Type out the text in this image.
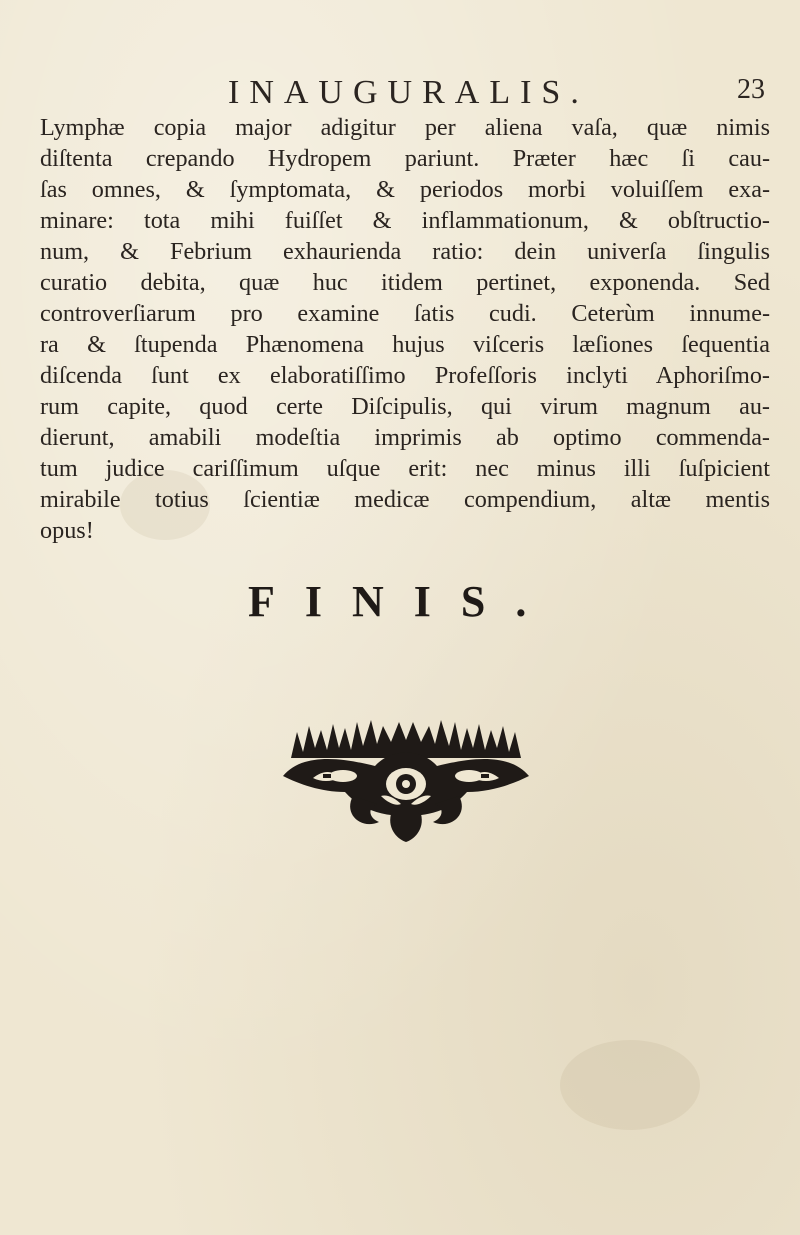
INAUGURALIS.	23
Lymphæ copia major adigitur per aliena vaſa, quæ nimis
diſtenta crepando Hydropem pariunt. Præter hæc ſi cau-
ſas omnes, & ſymptomata, & periodos morbi voluiſſem exa-
minare: tota mihi fuiſſet & inflammationum, & obſtructio-
num, & Febrium exhaurienda ratio: dein univerſa ſingulis
curatio debita, quæ huc itidem pertinet, exponenda. Sed
controverſiarum pro examine ſatis cudi. Ceterùm innume-
ra & ſtupenda Phænomena hujus viſceris læſiones ſequentia
diſcenda ſunt ex elaboratiſſimo Profeſſoris inclyti Aphoriſmo-
rum capite, quod certe Diſcipulis, qui virum magnum au-
dierunt, amabili modeſtia imprimis ab optimo commenda-
tum judice cariſſimum uſque erit: nec minus illi ſuſpicient
mirabile totius ſcientiæ medicæ compendium, altæ mentis
opus!
FINIS.
